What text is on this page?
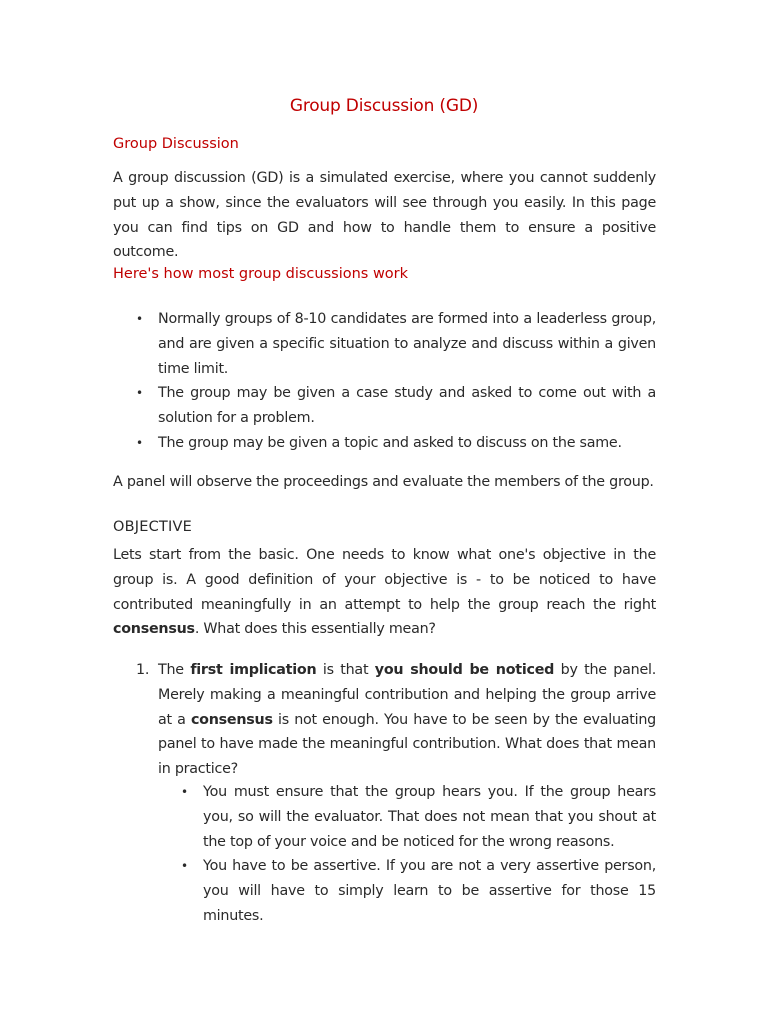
Group Discussion (GD)
Group Discussion
A group discussion (GD) is a simulated exercise, where you cannot suddenly put up a show, since the evaluators will see through you easily. In this page you can find tips on GD and how to handle them to ensure a positive outcome.
Here's how most group discussions work
• Normally groups of 8-10 candidates are formed into a leaderless group, and are given a specific situation to analyze and discuss within a given time limit.
• The group may be given a case study and asked to come out with a solution for a problem.
• The group may be given a topic and asked to discuss on the same.
A panel will observe the proceedings and evaluate the members of the group.
OBJECTIVE
Lets start from the basic. One needs to know what one's objective in the group is. A good definition of your objective is - to be noticed to have contributed meaningfully in an attempt to help the group reach the right consensus. What does this essentially mean?
1. The first implication is that you should be noticed by the panel. Merely making a meaningful contribution and helping the group arrive at a consensus is not enough. You have to be seen by the evaluating panel to have made the meaningful contribution. What does that mean in practice?
• You must ensure that the group hears you. If the group hears you, so will the evaluator. That does not mean that you shout at the top of your voice and be noticed for the wrong reasons.
• You have to be assertive. If you are not a very assertive person, you will have to simply learn to be assertive for those 15 minutes.
